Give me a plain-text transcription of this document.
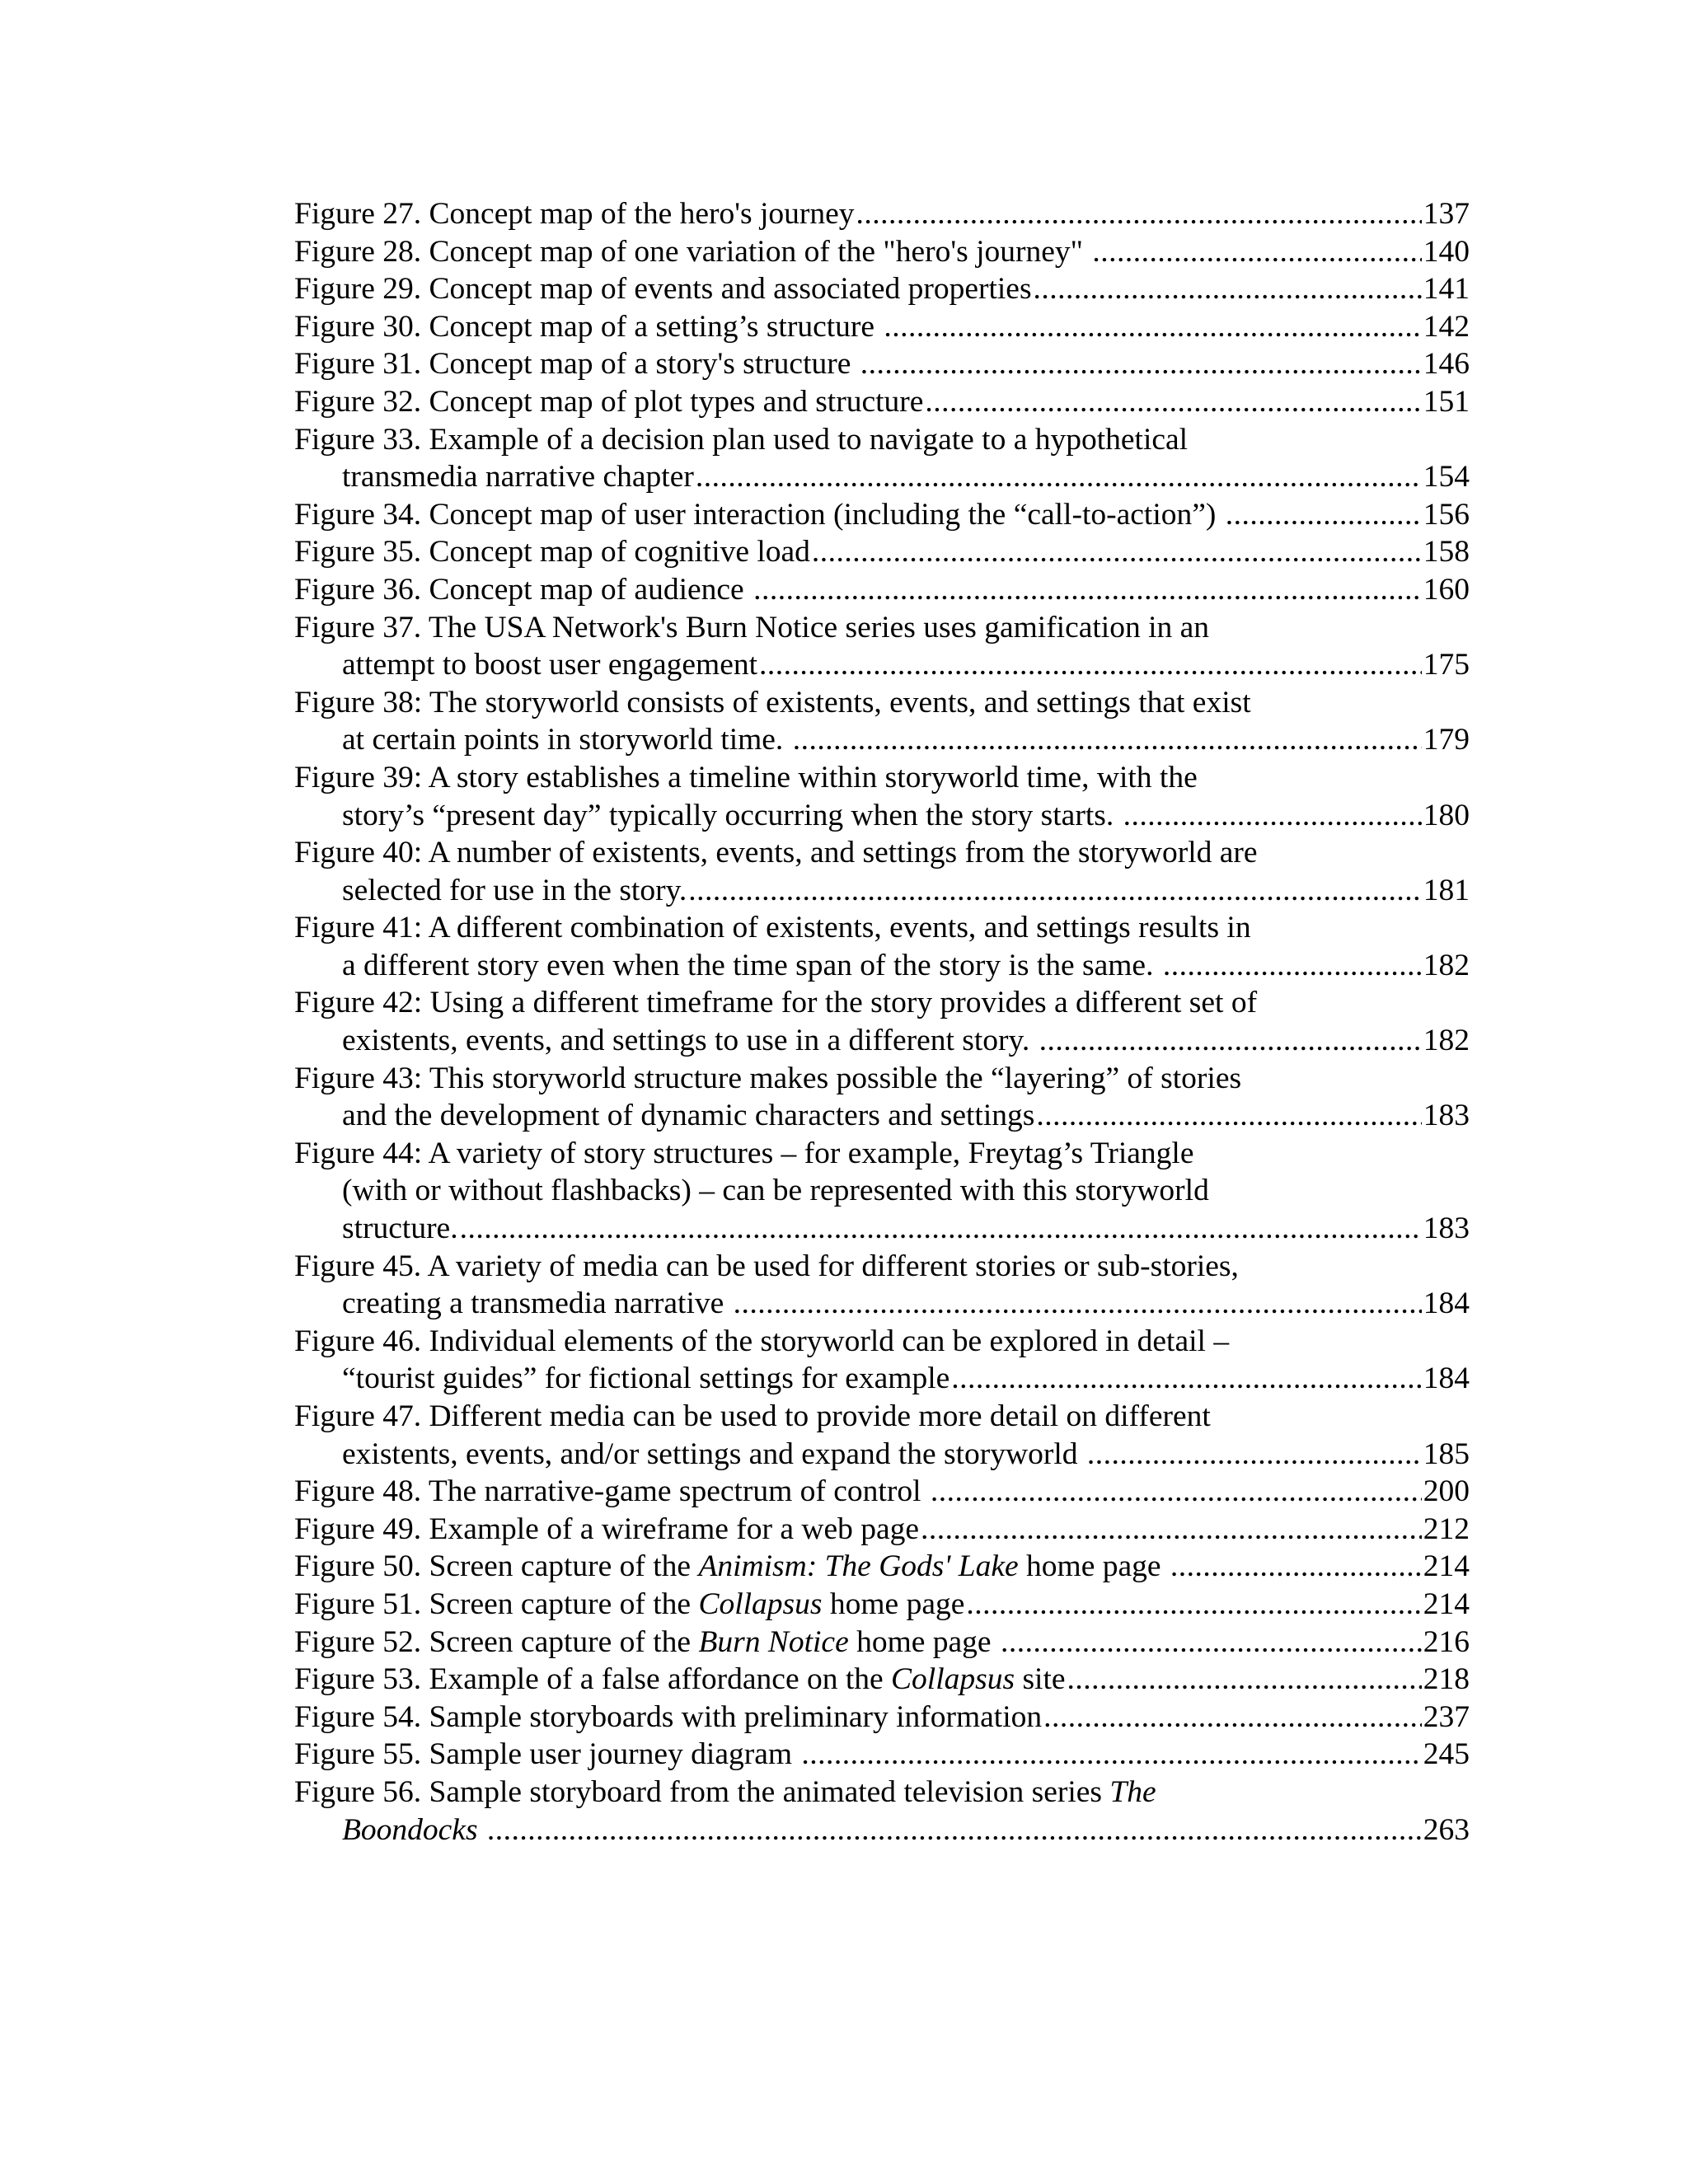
Figure 27. Concept map of the hero's journey .....	137
Figure 28. Concept map of one variation of the "hero's journey" .....	140
Figure 29. Concept map of events and associated properties .....	141
Figure 30. Concept map of a setting’s structure .....	142
Figure 31. Concept map of a story's structure .....	146
Figure 32. Concept map of plot types and structure .....	151
Figure 33. Example of a decision plan used to navigate to a hypothetical
transmedia narrative chapter .....	154
Figure 34. Concept map of user interaction (including the “call-to-action”) .....	156
Figure 35. Concept map of cognitive load .....	158
Figure 36. Concept map of audience .....	160
Figure 37. The USA Network's Burn Notice series uses gamification in an
attempt to boost user engagement .....	175
Figure 38: The storyworld consists of existents, events, and settings that exist
at certain points in storyworld time. .....	179
Figure 39: A story establishes a timeline within storyworld time, with the
story’s “present day” typically occurring when the story starts. .....	180
Figure 40: A number of existents, events, and settings from the storyworld are
selected for use in the story. .....	181
Figure 41: A different combination of existents, events, and settings results in
a different story even when the time span of the story is the same. .....	182
Figure 42: Using a different timeframe for the story provides a different set of
existents, events, and settings to use in a different story. .....	182
Figure 43: This storyworld structure makes possible the “layering” of stories
and the development of dynamic characters and settings .....	183
Figure 44: A variety of story structures – for example, Freytag’s Triangle
(with or without flashbacks) – can be represented with this storyworld
structure. .....	183
Figure 45. A variety of media can be used for different stories or sub-stories,
creating a transmedia narrative .....	184
Figure 46. Individual elements of the storyworld can be explored in detail –
“tourist guides” for fictional settings for example .....	184
Figure 47. Different media can be used to provide more detail on different
existents, events, and/or settings and expand the storyworld .....	185
Figure 48. The narrative-game spectrum of control .....	200
Figure 49. Example of a wireframe for a web page .....	212
Figure 50. Screen capture of the Animism: The Gods' Lake home page .....	214
Figure 51. Screen capture of the Collapsus home page .....	214
Figure 52. Screen capture of the Burn Notice home page .....	216
Figure 53. Example of a false affordance on the Collapsus site .....	218
Figure 54. Sample storyboards with preliminary information .....	237
Figure 55. Sample user journey diagram .....	245
Figure 56. Sample storyboard from the animated television series The
Boondocks
.....	263
